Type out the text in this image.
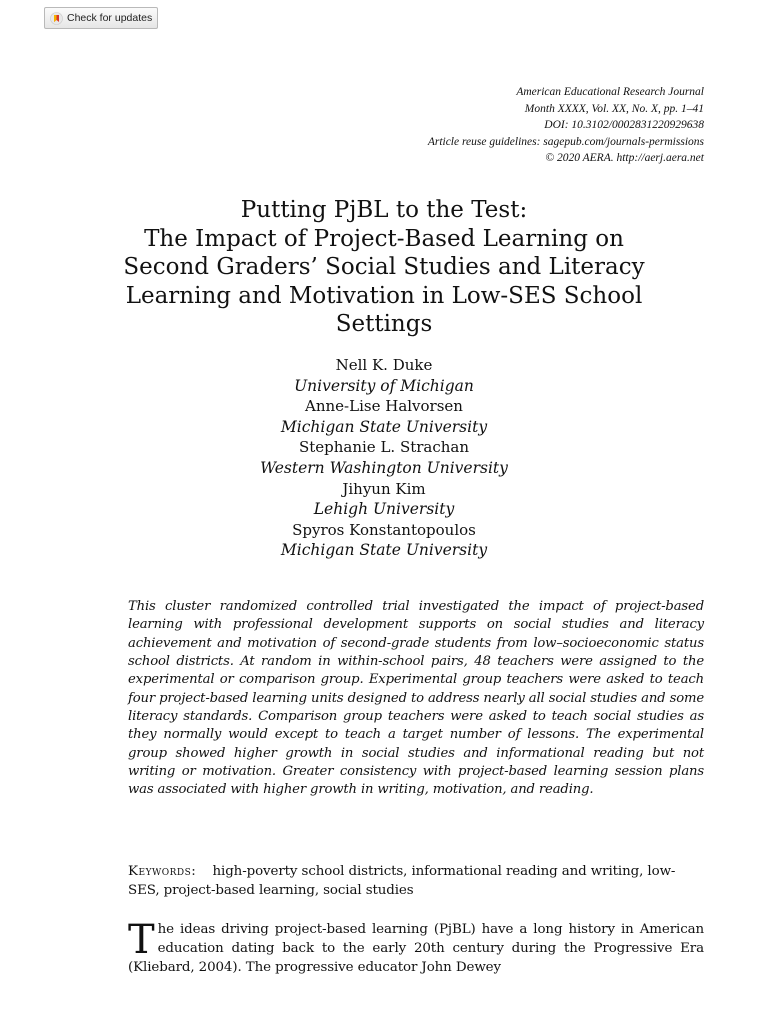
Check for updates
American Educational Research Journal
Month XXXX, Vol. XX, No. X, pp. 1–41
DOI: 10.3102/0002831220929638
Article reuse guidelines: sagepub.com/journals-permissions
© 2020 AERA. http://aerj.aera.net
Putting PjBL to the Test:
The Impact of Project-Based Learning on
Second Graders’ Social Studies and Literacy
Learning and Motivation in Low-SES School
Settings
Nell K. Duke
University of Michigan
Anne-Lise Halvorsen
Michigan State University
Stephanie L. Strachan
Western Washington University
Jihyun Kim
Lehigh University
Spyros Konstantopoulos
Michigan State University

This cluster randomized controlled trial investigated the impact of project-based learning with professional development supports on social studies and literacy achievement and motivation of second-grade students from low–socioeconomic status school districts. At random in within-school pairs, 48 teachers were assigned to the experimental or comparison group. Experimental group teachers were asked to teach four project-based learning units designed to address nearly all social studies and some literacy standards. Comparison group teachers were asked to teach social studies as they normally would except to teach a target number of lessons. The experimental group showed higher growth in social studies and informational reading but not writing or motivation. Greater consistency with project-based learning session plans was associated with higher growth in writing, motivation, and reading.

Keywords: high-poverty school districts, informational reading and writing, low-SES, project-based learning, social studies

The ideas driving project-based learning (PjBL) have a long history in American education dating back to the early 20th century during the Progressive Era (Kliebard, 2004). The progressive educator John Dewey
